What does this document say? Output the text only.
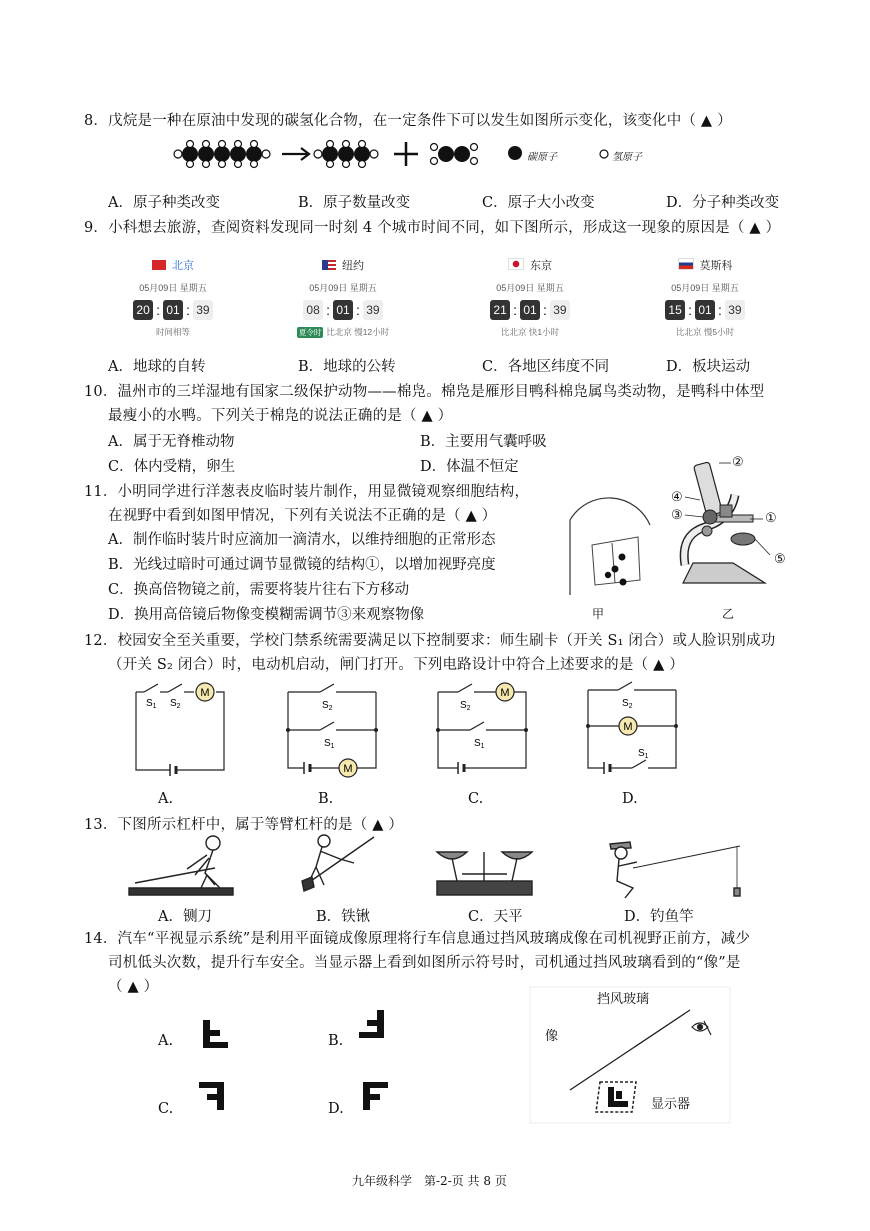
8．戊烷是一种在原油中发现的碳氢化合物，在一定条件下可以发生如图所示变化，该变化中（ ▲ ）
碳原子	氢原子
A．原子种类改变	B．原子数量改变	C．原子大小改变	D．分子种类改变
9．小科想去旅游，查阅资料发现同一时刻 4 个城市时间不同，如下图所示，形成这一现象的原因是（ ▲ ）
北京
05月09日 星期五
20 : 01 : 39
时间相等
纽约
05月09日 星期五
08 : 01 : 39
夏令时 比北京 慢12小时
东京
05月09日 星期五
21 : 01 : 39
比北京 快1小时
莫斯科
05月09日 星期五
15 : 01 : 39
比北京 慢5小时
A．地球的自转	B．地球的公转	C．各地区纬度不同	D．板块运动
10．温州市的三垟湿地有国家二级保护动物——棉凫。棉凫是雁形目鸭科棉凫属鸟类动物，是鸭科中体型
最瘦小的水鸭。下列关于棉凫的说法正确的是（ ▲ ）
A．属于无脊椎动物	B．主要用气囊呼吸
C．体内受精，卵生	D．体温不恒定
11．小明同学进行洋葱表皮临时装片制作，用显微镜观察细胞结构，
在视野中看到如图甲情况，下列有关说法不正确的是（ ▲ ）
A．制作临时装片时应滴加一滴清水，以维持细胞的正常形态
B．光线过暗时可通过调节显微镜的结构①，以增加视野亮度
C．换高倍物镜之前，需要将装片往右下方移动
D．换用高倍镜后物像变模糊需调节③来观察物像	甲
②
④
③	①
⑤
乙
12．校园安全至关重要，学校门禁系统需要满足以下控制要求：师生刷卡（开关 S₁ 闭合）或人脸识别成功
（开关 S₂ 闭合）时，电动机启动，闸门打开。下列电路设计中符合上述要求的是（ ▲ ）
M
$S_1$ $S_2$
M
$S_2$
$S_1$
M
$S_2$
$S_1$
M
$S_2$
$S_1$
A.	B.	C.	D.
13．下图所示杠杆中，属于等臂杠杆的是（ ▲ ）
A．铡刀	B．铁锹	C．天平	D．钓鱼竿
14．汽车“平视显示系统”是利用平面镜成像原理将行车信息通过挡风玻璃成像在司机视野正前方，减少
司机低头次数，提升行车安全。当显示器上看到如图所示符号时，司机通过挡风玻璃看到的“像”是
（ ▲ ）
A.	B.
C.	D.
挡风玻璃
像
显示器
九年级科学　第-2-页 共 8 页
